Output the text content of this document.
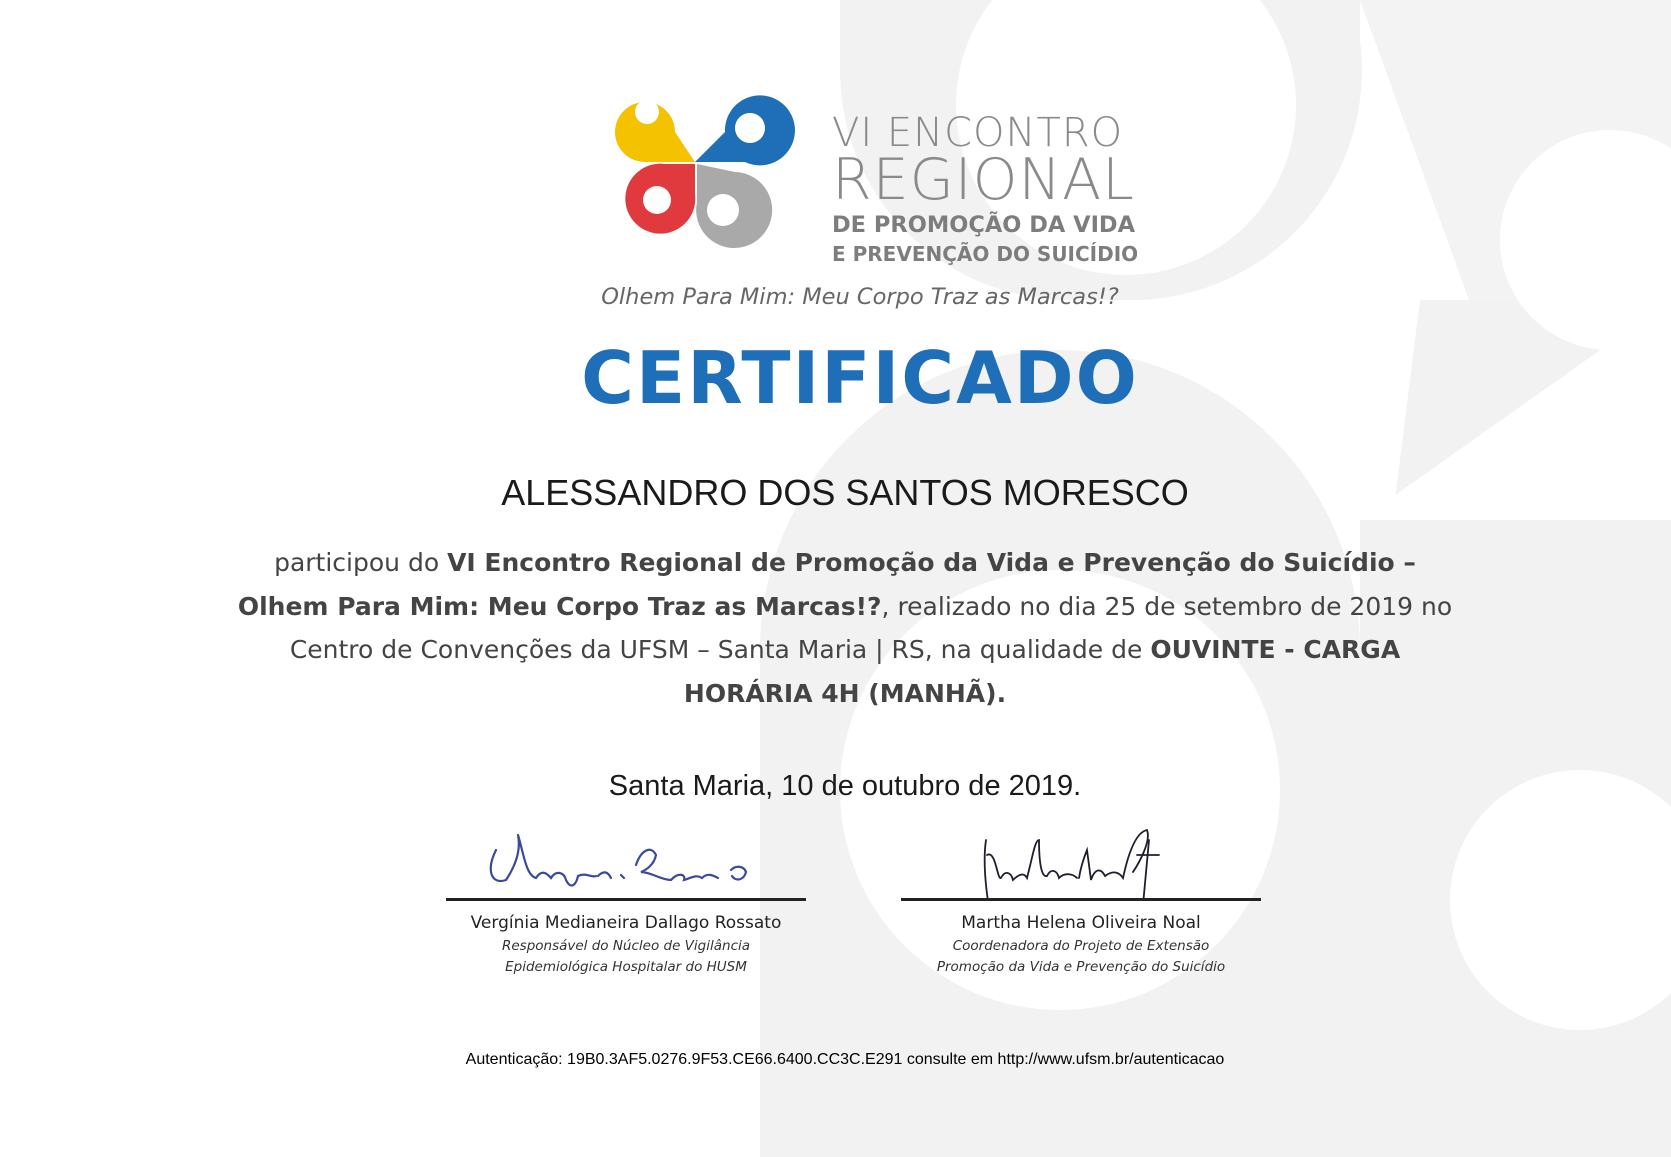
VI ENCONTRO
REGIONAL
DE PROMOÇÃO DA VIDA
E PREVENÇÃO DO SUICÍDIO
Olhem Para Mim: Meu Corpo Traz as Marcas!?
CERTIFICADO
ALESSANDRO DOS SANTOS MORESCO
participou do VI Encontro Regional de Promoção da Vida e Prevenção do Suicídio – Olhem Para Mim: Meu Corpo Traz as Marcas!?, realizado no dia 25 de setembro de 2019 no Centro de Convenções da UFSM – Santa Maria | RS, na qualidade de OUVINTE - CARGA HORÁRIA 4H (MANHÃ).
Santa Maria, 10 de outubro de 2019.
Vergínia Medianeira Dallago Rossato
Responsável do Núcleo de Vigilância
Epidemiológica Hospitalar do HUSM
Martha Helena Oliveira Noal
Coordenadora do Projeto de Extensão
Promoção da Vida e Prevenção do Suicídio
Autenticação: 19B0.3AF5.0276.9F53.CE66.6400.CC3C.E291 consulte em http://www.ufsm.br/autenticacao
